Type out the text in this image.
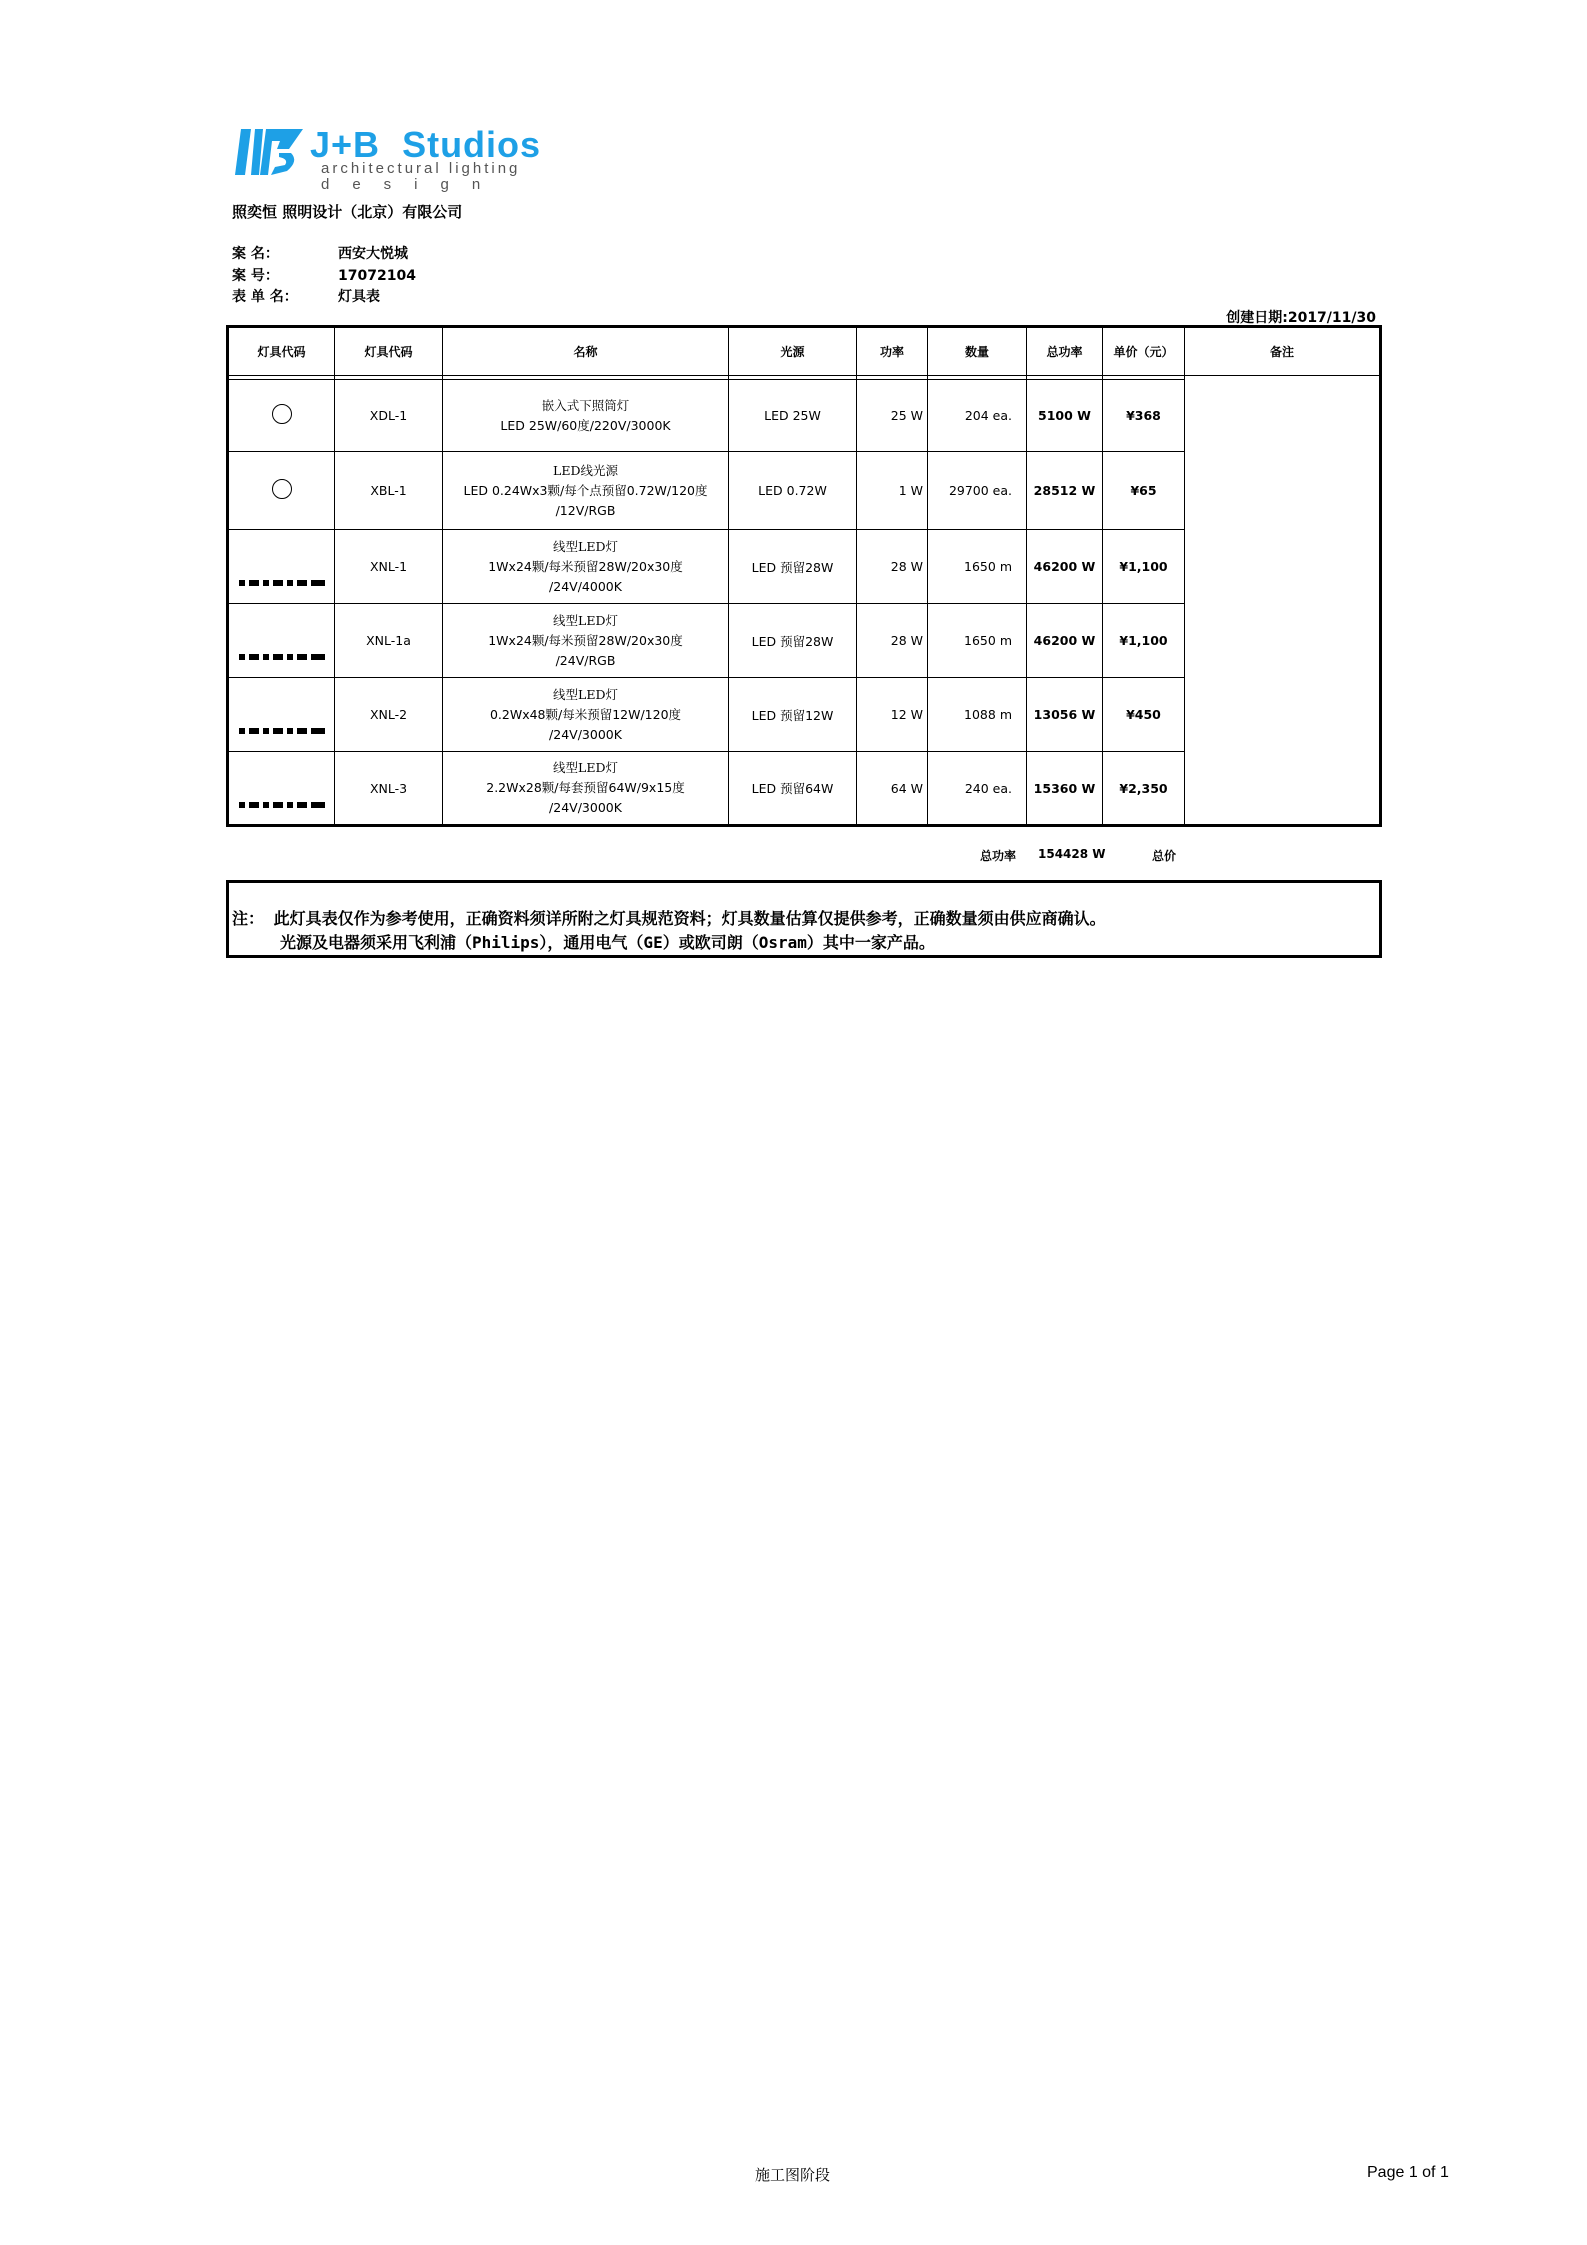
J+B Studios
architectural lighting
design
照奕恒 照明设计（北京）有限公司
案 名：	西安大悦城
案 号：	17072104
表 单 名：	灯具表
创建日期:2017/11/30
灯具代码	灯具代码	名称	光源	功率	数量	总功率	单价（元）	备注

	XDL-1	嵌入式下照筒灯
LED 25W/60度/220V/3000K	LED 25W	25 W	204 ea.	5100 W	¥368	
	XBL-1	LED线光源
LED 0.24Wx3颗/每个点预留0.72W/120度
/12V/RGB	LED 0.72W	1 W	29700 ea.	28512 W	¥65	
	XNL-1	线型LED灯
1Wx24颗/每米预留28W/20x30度
/24V/4000K	LED 预留28W	28 W	1650 m	46200 W	¥1,100	
	XNL-1a	线型LED灯
1Wx24颗/每米预留28W/20x30度
/24V/RGB	LED 预留28W	28 W	1650 m	46200 W	¥1,100	
	XNL-2	线型LED灯
0.2Wx48颗/每米预留12W/120度
/24V/3000K	LED 预留12W	12 W	1088 m	13056 W	¥450	
	XNL-3	线型LED灯
2.2Wx28颗/每套预留64W/9x15度
/24V/3000K	LED 预留64W	64 W	240 ea.	15360 W	¥2,350	
总功率 154428 W	总价
注： 此灯具表仅作为参考使用，正确资料须详所附之灯具规范资料；灯具数量估算仅提供参考，正确数量须由供应商确认。
光源及电器须采用飞利浦（Philips），通用电气（GE）或欧司朗（Osram）其中一家产品。
施工图阶段	Page 1 of 1
